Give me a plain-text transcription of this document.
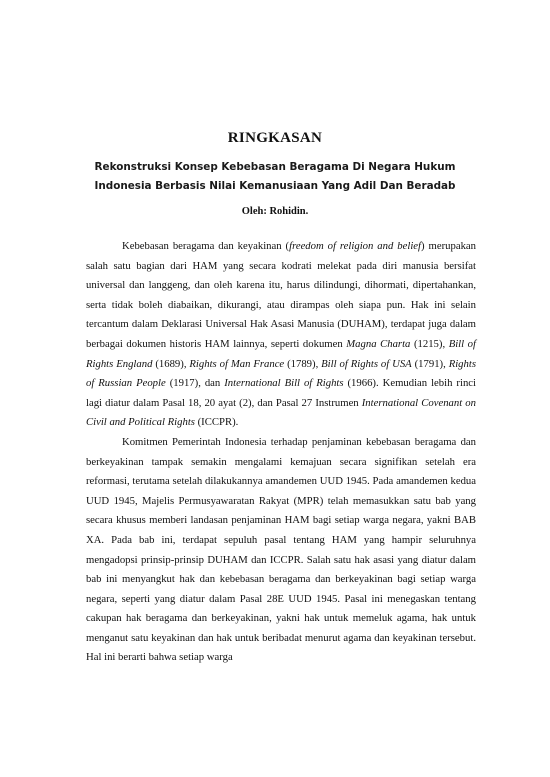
RINGKASAN
Rekonstruksi Konsep Kebebasan Beragama Di Negara Hukum
Indonesia Berbasis Nilai Kemanusiaan Yang Adil Dan Beradab
Oleh: Rohidin.

Kebebasan beragama dan keyakinan (freedom of religion and belief) merupakan salah satu bagian dari HAM yang secara kodrati melekat pada diri manusia bersifat universal dan langgeng, dan oleh karena itu, harus dilindungi, dihormati, dipertahankan, serta tidak boleh diabaikan, dikurangi, atau dirampas oleh siapa pun. Hak ini selain tercantum dalam Deklarasi Universal Hak Asasi Manusia (DUHAM), terdapat juga dalam berbagai dokumen historis HAM lainnya, seperti dokumen Magna Charta (1215), Bill of Rights England (1689), Rights of Man France (1789), Bill of Rights of USA (1791), Rights of Russian People (1917), dan International Bill of Rights (1966). Kemudian lebih rinci lagi diatur dalam Pasal 18, 20 ayat (2), dan Pasal 27 Instrumen International Covenant on Civil and Political Rights (ICCPR).

Komitmen Pemerintah Indonesia terhadap penjaminan kebebasan beragama dan berkeyakinan tampak semakin mengalami kemajuan secara signifikan setelah era reformasi, terutama setelah dilakukannya amandemen UUD 1945. Pada amandemen kedua UUD 1945, Majelis Permusyawaratan Rakyat (MPR) telah memasukkan satu bab yang secara khusus memberi landasan penjaminan HAM bagi setiap warga negara, yakni BAB XA. Pada bab ini, terdapat sepuluh pasal tentang HAM yang hampir seluruhnya mengadopsi prinsip-prinsip DUHAM dan ICCPR. Salah satu hak asasi yang diatur dalam bab ini menyangkut hak dan kebebasan beragama dan berkeyakinan bagi setiap warga negara, seperti yang diatur dalam Pasal 28E UUD 1945. Pasal ini menegaskan tentang cakupan hak beragama dan berkeyakinan, yakni hak untuk memeluk agama, hak untuk menganut satu keyakinan dan hak untuk beribadat menurut agama dan keyakinan tersebut. Hal ini berarti bahwa setiap warga
